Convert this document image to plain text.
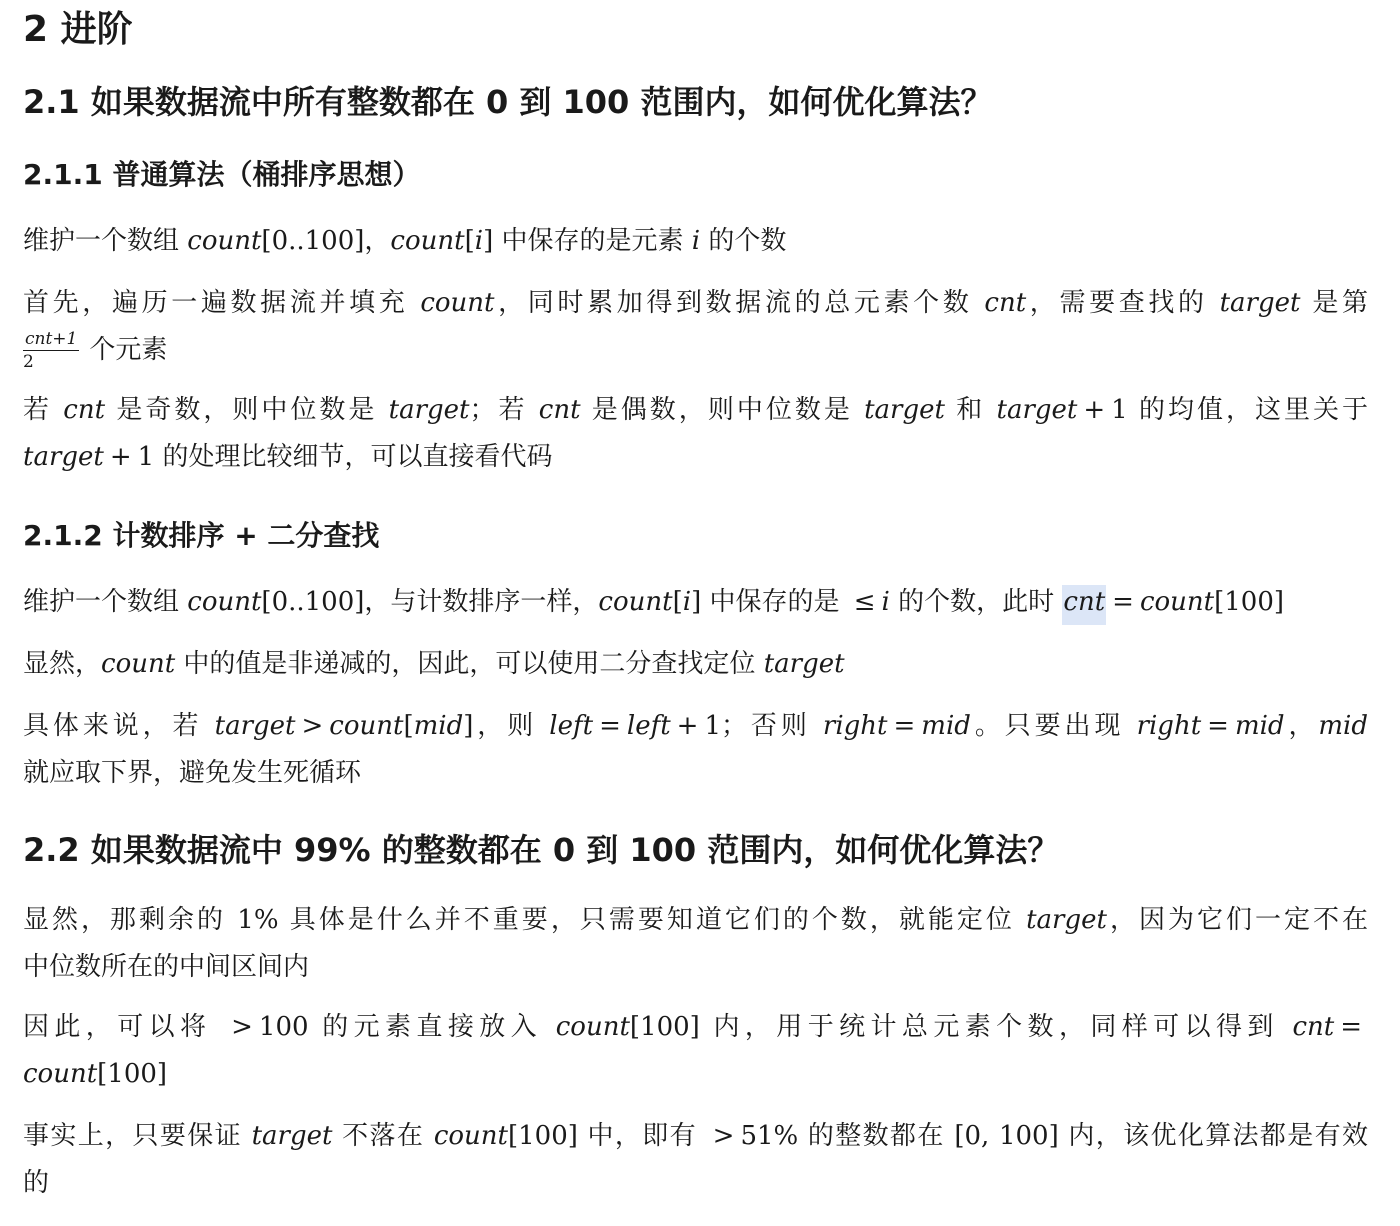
2 进阶
2.1 如果数据流中所有整数都在 0 到 100 范围内，如何优化算法？
2.1.1 普通算法（桶排序思想）
维护一个数组 count[0..100]，count[i] 中保存的是元素 i 的个数
首先，遍历一遍数据流并填充 count，同时累加得到数据流的总元素个数 cnt，需要查找的 target 是第
$\frac{\text{cnt+1}}{2}$ 个元素
若 cnt 是奇数，则中位数是 target；若 cnt 是偶数，则中位数是 target 和 target + 1 的均值，这里关于
target + 1 的处理比较细节，可以直接看代码
2.1.2 计数排序 + 二分查找
维护一个数组 count[0..100]，与计数排序一样，count[i] 中保存的是 ≤ i 的个数，此时 cnt = count[100]
显然，count 中的值是非递减的，因此，可以使用二分查找定位 target
具体来说，若 target > count[mid]，则 left = left + 1；否则 right = mid。只要出现 right = mid，mid
就应取下界，避免发生死循环
2.2 如果数据流中 99% 的整数都在 0 到 100 范围内，如何优化算法？
显然，那剩余的 1% 具体是什么并不重要，只需要知道它们的个数，就能定位 target，因为它们一定不在
中位数所在的中间区间内
因此，可以将 > 100 的元素直接放入 count[100] 内，用于统计总元素个数，同样可以得到 cnt =
count[100]
事实上，只要保证 target 不落在 count[100] 中，即有 > 51% 的整数都在 [0, 100] 内，该优化算法都是有效
的
